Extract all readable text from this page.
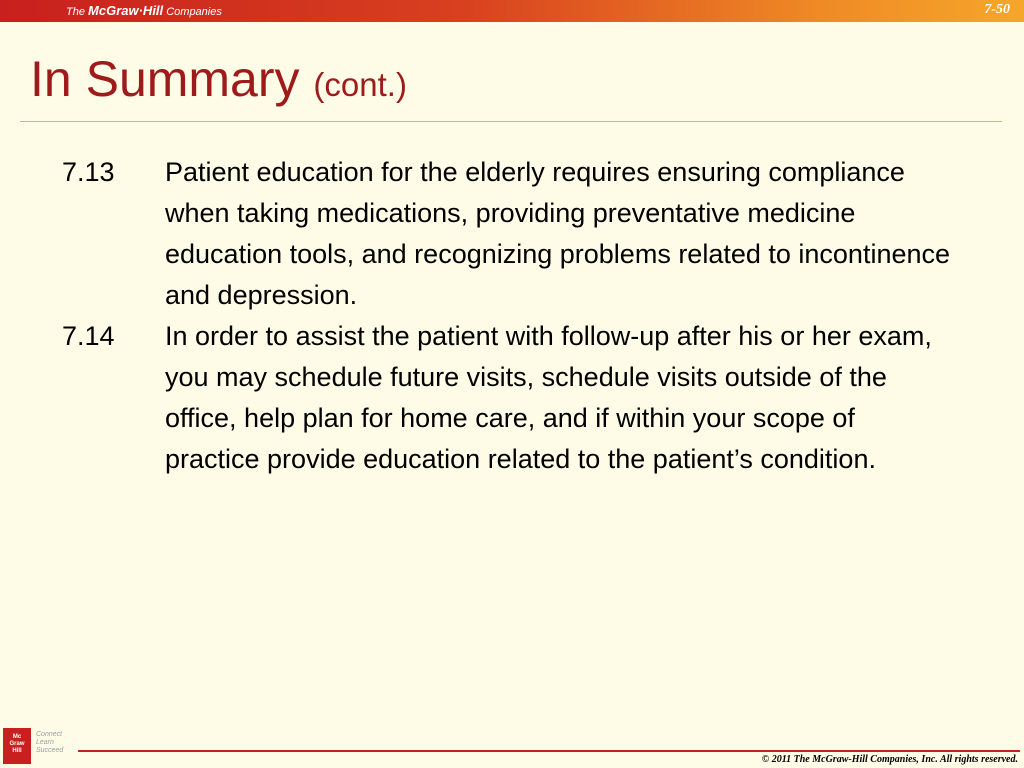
The McGraw·Hill Companies	7-50
In Summary (cont.)
7.13	Patient education for the elderly requires ensuring compliance when taking medications, providing preventative medicine education tools, and recognizing problems related to incontinence and depression.
7.14	In order to assist the patient with follow-up after his or her exam, you may schedule future visits, schedule visits outside of the office, help plan for home care, and if within your scope of practice provide education related to the patient’s condition.
Mc
Graw
Hill
Connect
Learn
Succeed
© 2011 The McGraw-Hill Companies, Inc. All rights reserved.
